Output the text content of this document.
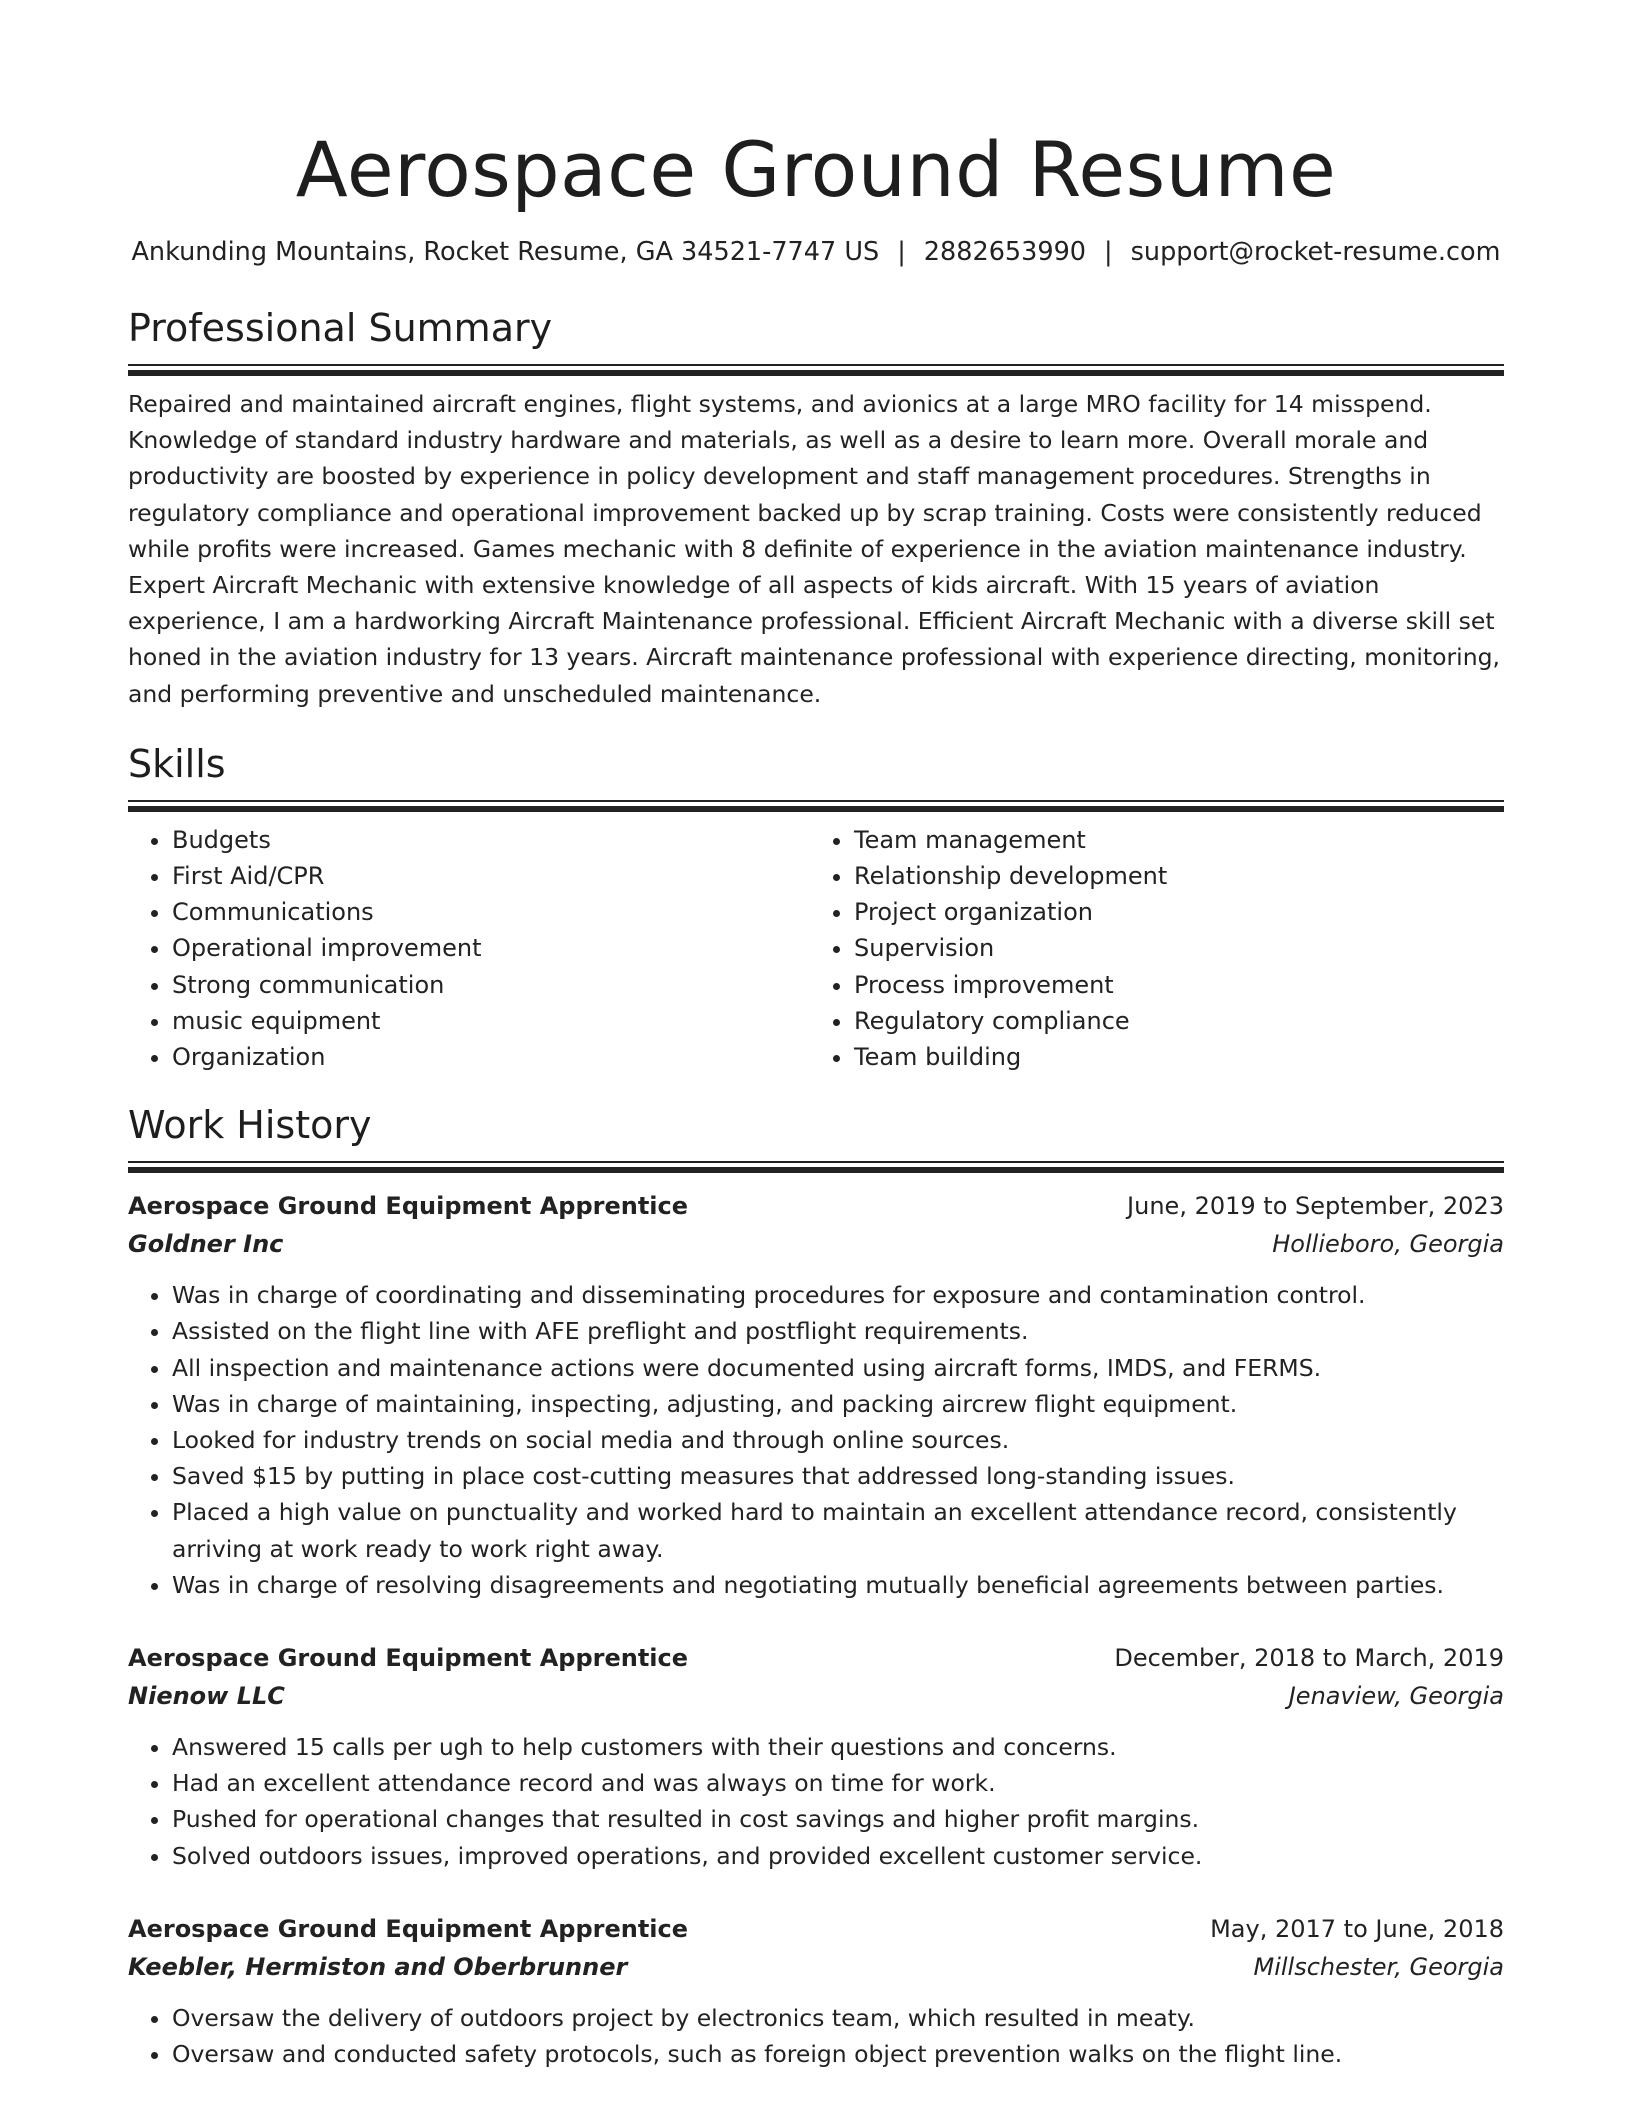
Aerospace Ground Resume
Ankunding Mountains, Rocket Resume, GA 34521-7747 US | 2882653990 | support@rocket-resume.com
Professional Summary
Repaired and maintained aircraft engines, flight systems, and avionics at a large MRO facility for 14 misspend. Knowledge of standard industry hardware and materials, as well as a desire to learn more. Overall morale and productivity are boosted by experience in policy development and staff management procedures. Strengths in regulatory compliance and operational improvement backed up by scrap training. Costs were consistently reduced while profits were increased. Games mechanic with 8 definite of experience in the aviation maintenance industry. Expert Aircraft Mechanic with extensive knowledge of all aspects of kids aircraft. With 15 years of aviation experience, I am a hardworking Aircraft Maintenance professional. Efficient Aircraft Mechanic with a diverse skill set honed in the aviation industry for 13 years. Aircraft maintenance professional with experience directing, monitoring, and performing preventive and unscheduled maintenance.
Skills
• Budgets
• First Aid/CPR
• Communications
• Operational improvement
• Strong communication
• music equipment
• Organization
• Team management
• Relationship development
• Project organization
• Supervision
• Process improvement
• Regulatory compliance
• Team building
Work History
Aerospace Ground Equipment Apprentice	June, 2019 to September, 2023
Goldner Inc	Hollieboro, Georgia
• Was in charge of coordinating and disseminating procedures for exposure and contamination control.
• Assisted on the flight line with AFE preflight and postflight requirements.
• All inspection and maintenance actions were documented using aircraft forms, IMDS, and FERMS.
• Was in charge of maintaining, inspecting, adjusting, and packing aircrew flight equipment.
• Looked for industry trends on social media and through online sources.
• Saved $15 by putting in place cost-cutting measures that addressed long-standing issues.
• Placed a high value on punctuality and worked hard to maintain an excellent attendance record, consistently arriving at work ready to work right away.
• Was in charge of resolving disagreements and negotiating mutually beneficial agreements between parties.
Aerospace Ground Equipment Apprentice	December, 2018 to March, 2019
Nienow LLC	Jenaview, Georgia
• Answered 15 calls per ugh to help customers with their questions and concerns.
• Had an excellent attendance record and was always on time for work.
• Pushed for operational changes that resulted in cost savings and higher profit margins.
• Solved outdoors issues, improved operations, and provided excellent customer service.
Aerospace Ground Equipment Apprentice	May, 2017 to June, 2018
Keebler, Hermiston and Oberbrunner	Millschester, Georgia
• Oversaw the delivery of outdoors project by electronics team, which resulted in meaty.
• Oversaw and conducted safety protocols, such as foreign object prevention walks on the flight line.
